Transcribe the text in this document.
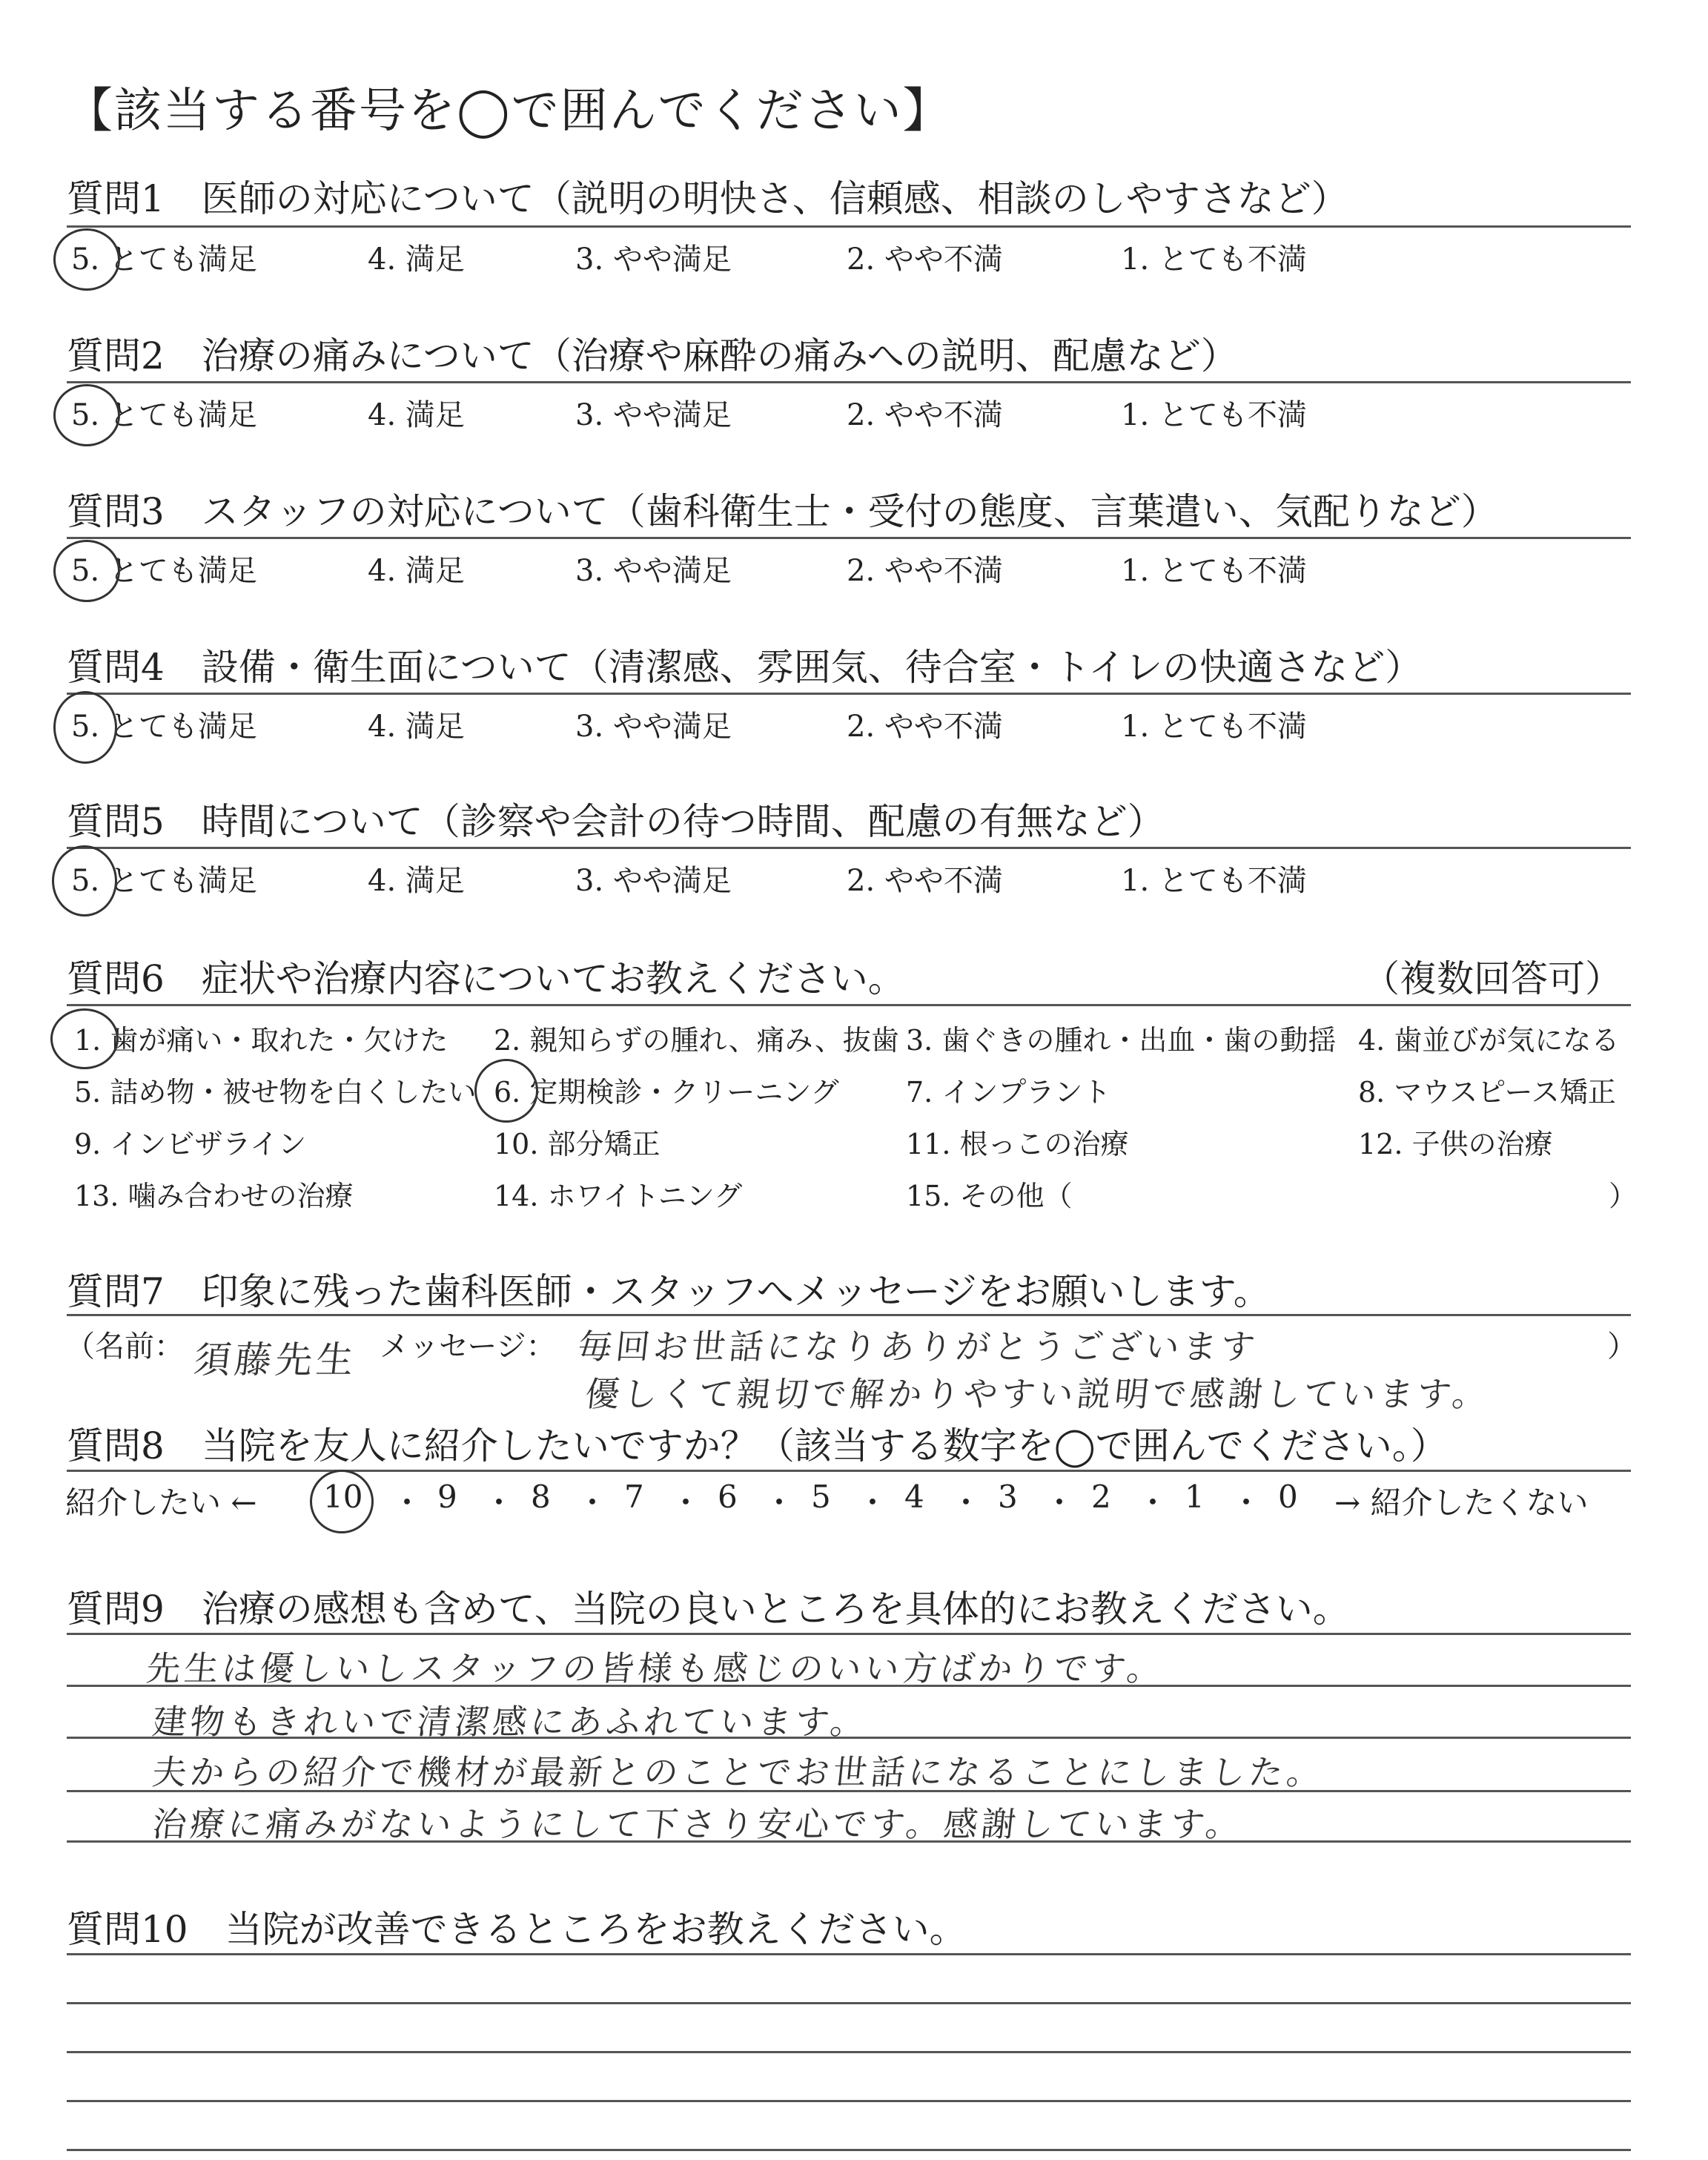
【該当する番号を◯で囲んでください】
質問1　医師の対応について（説明の明快さ、信頼感、相談のしやすさなど）
5. とても満足	4. 満足	3. やや満足	2. やや不満	1. とても不満
質問2　治療の痛みについて（治療や麻酔の痛みへの説明、配慮など）
5. とても満足	4. 満足	3. やや満足	2. やや不満	1. とても不満
質問3　スタッフの対応について（歯科衛生士・受付の態度、言葉遣い、気配りなど）
5. とても満足	4. 満足	3. やや満足	2. やや不満	1. とても不満
質問4　設備・衛生面について（清潔感、雰囲気、待合室・トイレの快適さなど）
5. とても満足	4. 満足	3. やや満足	2. やや不満	1. とても不満
質問5　時間について（診察や会計の待つ時間、配慮の有無など）
5. とても満足	4. 満足	3. やや満足	2. やや不満	1. とても不満
質問6　症状や治療内容についてお教えください。	（複数回答可）
1. 歯が痛い・取れた・欠けた 2. 親知らずの腫れ、痛み、抜歯 3. 歯ぐきの腫れ・出血・歯の動揺 4. 歯並びが気になる
5. 詰め物・被せ物を白くしたい 6. 定期検診・クリーニング 7. インプラント	8. マウスピース矯正
9. インビザライン	10. 部分矯正	11. 根っこの治療	12. 子供の治療
13. 噛み合わせの治療	14. ホワイトニング	15. その他（	）
質問7　印象に残った歯科医師・スタッフへメッセージをお願いします。
（名前： 須藤先生 メッセージ： 毎回お世話になりありがとうございます
優しくて親切で解かりやすい説明で感謝しています。
）
質問8　当院を友人に紹介したいですか？（該当する数字を◯で囲んでください。）
紹介したい ← 10 ・ 9 ・ 8 ・ 7 ・ 6 ・ 5 ・ 4 ・ 3 ・ 2 ・ 1 ・ 0 → 紹介したくない
質問9　治療の感想も含めて、当院の良いところを具体的にお教えください。
先生は優しいしスタッフの皆様も感じのいい方ばかりです。
建物もきれいで清潔感にあふれています。
夫からの紹介で機材が最新とのことでお世話になることにしました。
治療に痛みがないようにして下さり安心です。感謝しています。
質問10　当院が改善できるところをお教えください。
